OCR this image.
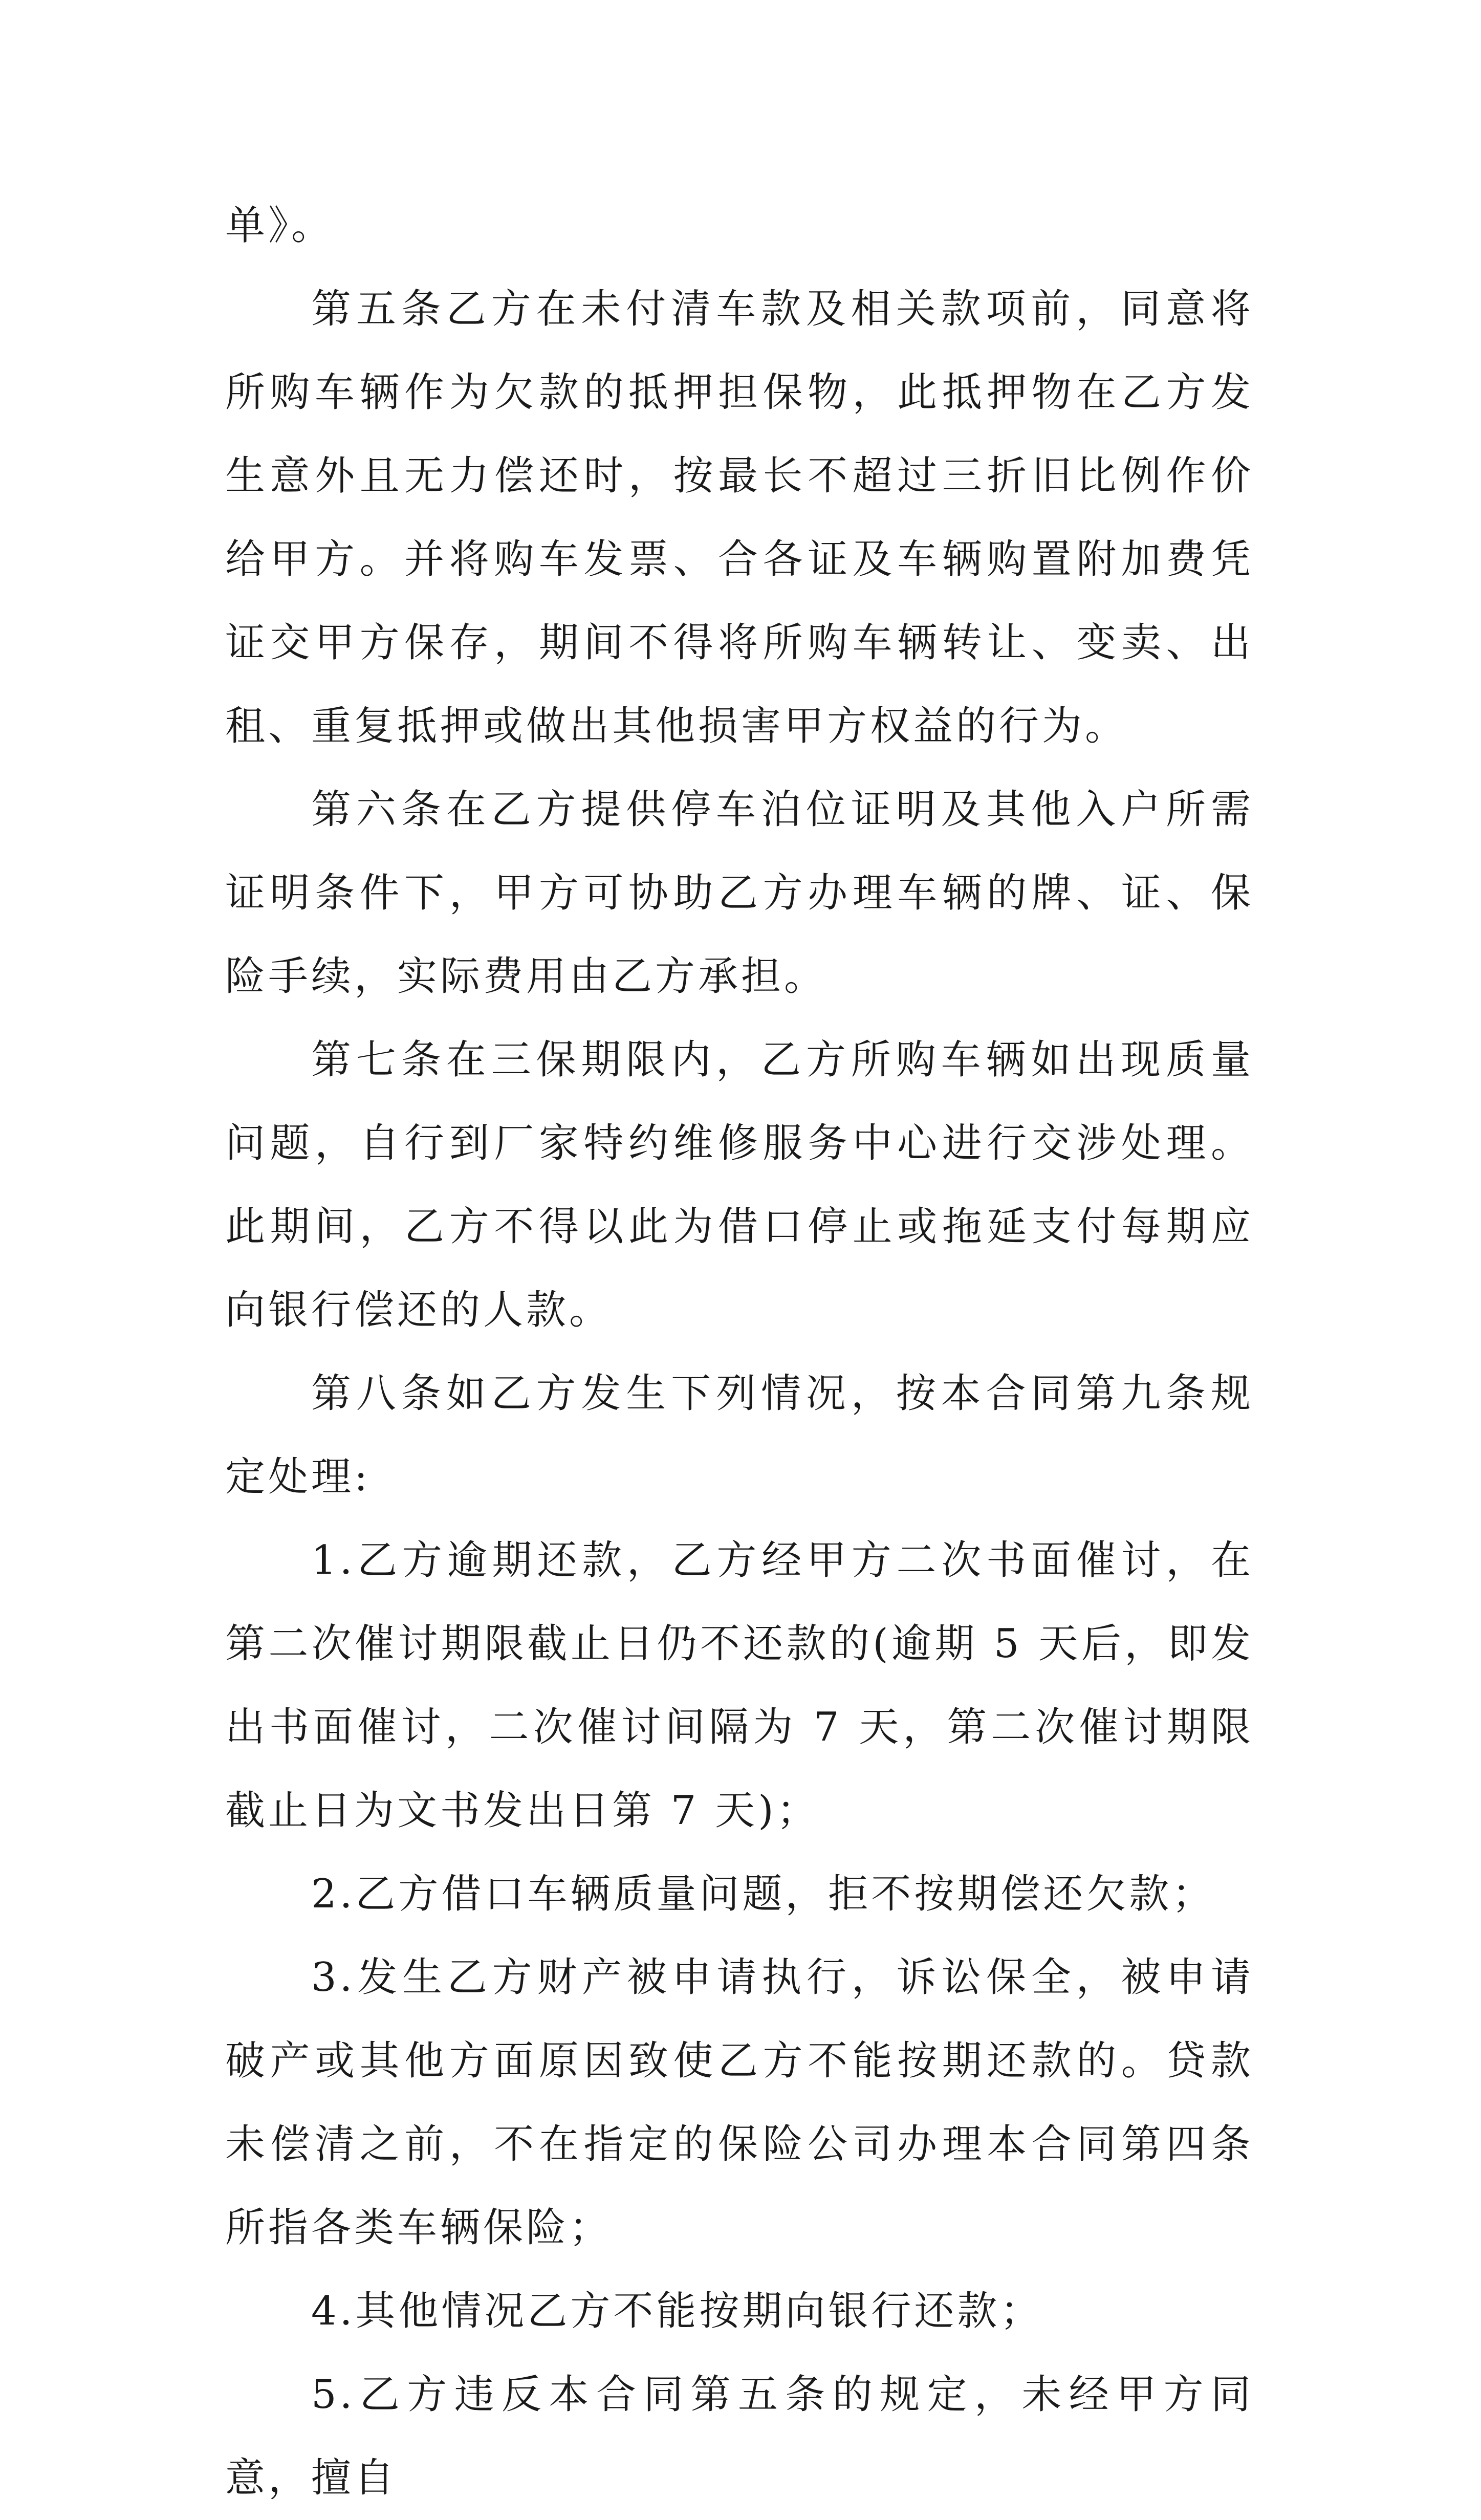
单》。

第五条乙方在未付清车款及相关款项前，同意将所购车辆作为欠款的抵押担保物，此抵押物在乙方发生意外且无力偿还时，按最长不超过三折旧比例作价给甲方。并将购车发票、合各证及车辆购置附加费凭证交甲方保存，期间不得将所购车辆转让、变卖、出租、重复抵押或做出其他损害甲方权益的行为。

第六条在乙方提供停车泊位证明及其他入户所需证明条件下，甲方可协助乙方办理车辆的牌、证、保险手续，实际费用由乙方承担。

第七条在三保期限内，乙方所购车辆如出现质量问题，自行到厂家特约维修服务中心进行交涉处理。此期间，乙方不得以此为借口停止或拖延支付每期应向银行偿还的人款。

第八条如乙方发生下列情况，按本合同第九条规定处理:

1.乙方逾期还款，乙方经甲方二次书面催讨，在第二次催讨期限截止日仍不还款的(逾期 5 天后，即发出书面催讨，二次催讨间隔为 7 天，第二次催讨期限截止日为文书发出日第 7 天)；

2.乙方借口车辆质量问题，拒不按期偿还欠款；

3.发生乙方财产被申请执行，诉讼保全，被申请破产或其他方面原因致使乙方不能按期还款的。贷款未偿清之前，不在指定的保险公司办理本合同第四条所指各类车辆保险；

4.其他情况乙方不能按期向银行还款；

5.乙方违反本合同第五条的规定，未经甲方同意，擅自
